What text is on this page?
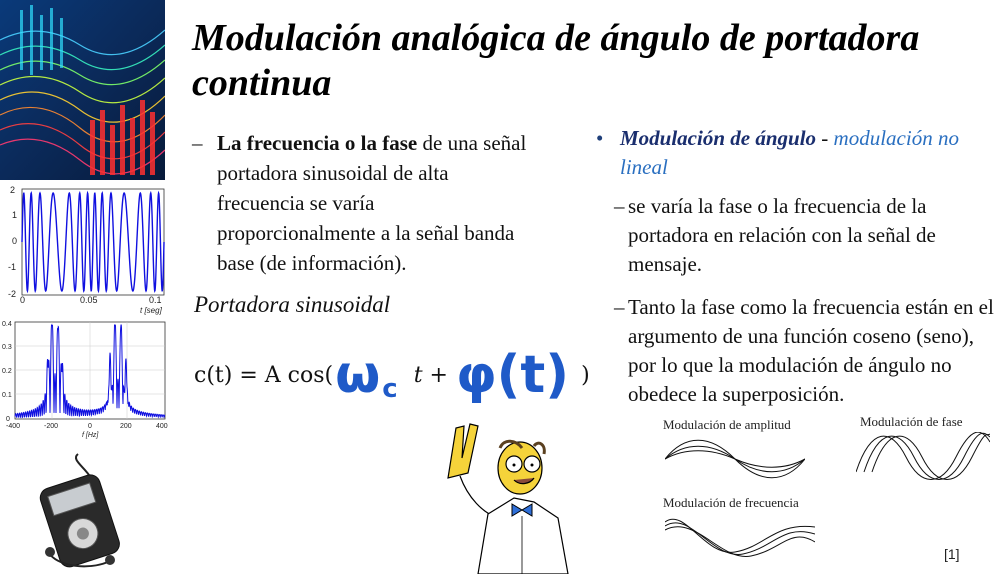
2
1
0
-1
-2
0	0.05	0.1
t [seg]
0.4
0.3
0.2
0.1
0
-400	-200	0	200	400
f [Hz]
Modulación analógica de ángulo de portadora continua
– La frecuencia o la fase de una señal portadora sinusoidal de alta frecuencia se varía proporcionalmente a la señal banda base (de información).
Portadora sinusoidal
c(t) = A cos( ω c t + φ(t) )
• Modulación de ángulo - modulación no lineal
– se varía la fase o la frecuencia de la portadora en relación con la señal de mensaje.
– Tanto la fase como la frecuencia están en el argumento de una función coseno (seno), por lo que la modulación de ángulo no obedece la superposición.
Modulación de amplitud	Modulación de fase
Modulación de frecuencia
[1]
